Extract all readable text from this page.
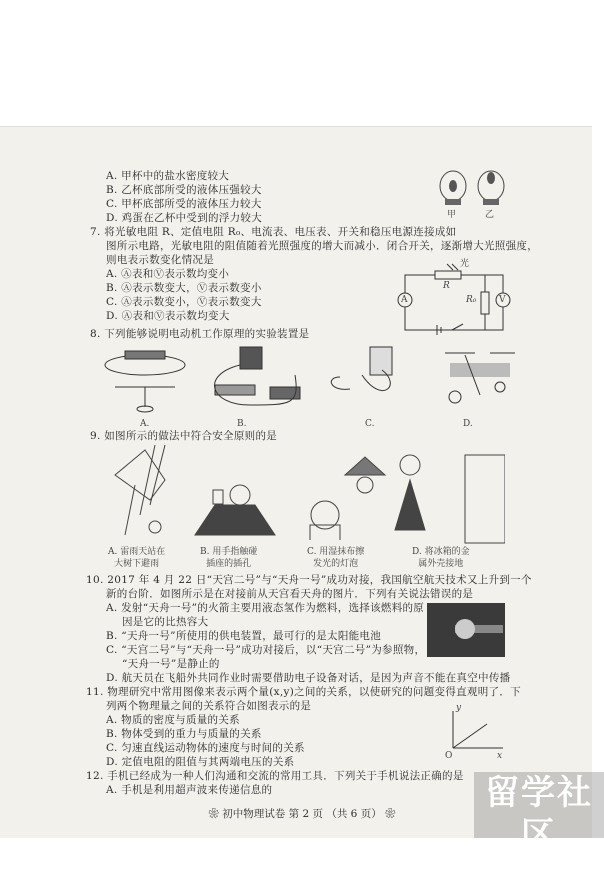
A. 甲杯中的盐水密度较大
B. 乙杯底部所受的液体压强较大
C. 甲杯底部所受的液体压力较大
D. 鸡蛋在乙杯中受到的浮力较大	甲	乙
7. 将光敏电阻 R、定值电阻 R₀、电流表、电压表、开关和稳压电源连接成如
图所示电路，光敏电阻的阻值随着光照强度的增大而减小．闭合开关，逐渐增大光照强度，
则电表示数变化情况是
A. Ⓐ表和Ⓥ表示数均变小
B. Ⓐ表示数变大，Ⓥ表示数变小
C. Ⓐ表示数变小，Ⓥ表示数变大
D. Ⓐ表和Ⓥ表示数均变大
光
R
R₀
A	V
8. 下列能够说明电动机工作原理的实验装置是
A.	B.	C.	D.
9. 如图所示的做法中符合安全原则的是
A. 雷雨天站在
大树下避雨
B. 用手指触碰
插座的插孔
C. 用湿抹布擦
发光的灯泡
D. 将冰箱的金
属外壳接地
10. 2017 年 4 月 22 日“天宫二号”与“天舟一号”成功对接，我国航空航天技术又上升到一个
新的台阶．如图所示是在对接前从天宫看天舟的图片．下列有关说法错误的是
A. 发射“天舟一号”的火箭主要用液态氢作为燃料，选择该燃料的原
因是它的比热容大
B. “天舟一号”所使用的供电装置，最可行的是太阳能电池
C. “天宫二号”与“天舟一号”成功对接后，以“天宫二号”为参照物，
“天舟一号”是静止的
D. 航天员在飞船外共同作业时需要借助电子设备对话，是因为声音不能在真空中传播
11. 物理研究中常用图像来表示两个量(x,y)之间的关系，以使研究的问题变得直观明了．下
列两个物理量之间的关系符合如图表示的是
A. 物质的密度与质量的关系
B. 物体受到的重力与质量的关系
C. 匀速直线运动物体的速度与时间的关系
D. 定值电阻的阻值与其两端电压的关系
y
x
O
12. 手机已经成为一种人们沟通和交流的常用工具．下列关于手机说法正确的是
A. 手机是利用超声波来传递信息的
❀ 初中物理试卷 第 2 页 （共 6 页） ❀
留学社区
bbs.liuxue86.com
